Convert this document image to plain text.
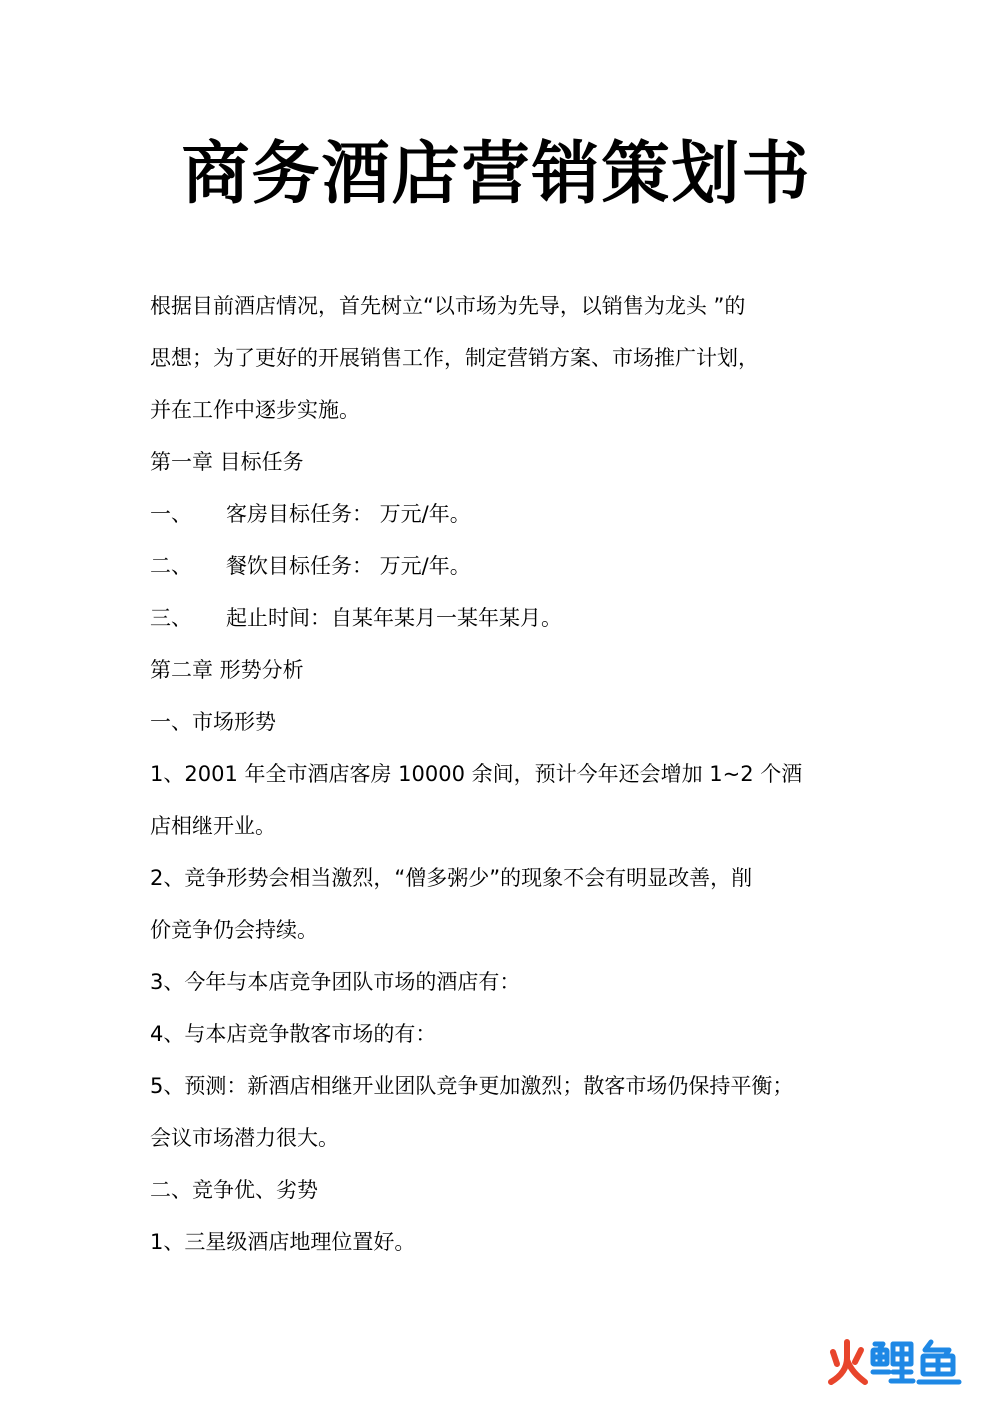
商务酒店营销策划书
根据目前酒店情况，首先树立“以市场为先导，以销售为龙头 ”的
思想；为了更好的开展销售工作，制定营销方案、市场推广计划，
并在工作中逐步实施。
第一章 目标任务
一、 客房目标任务： 万元/年。
二、 餐饮目标任务： 万元/年。
三、 起止时间：自某年某月一某年某月。
第二章 形势分析
一、市场形势
1、2001 年全市酒店客房 10000 余间，预计今年还会增加 1~2 个酒
店相继开业。
2、竞争形势会相当激烈，“僧多粥少”的现象不会有明显改善，削
价竞争仍会持续。
3、今年与本店竞争团队市场的酒店有：
4、与本店竞争散客市场的有：
5、预测：新酒店相继开业团队竞争更加激烈；散客市场仍保持平衡；
会议市场潜力很大。
二、竞争优、劣势
1、三星级酒店地理位置好。
